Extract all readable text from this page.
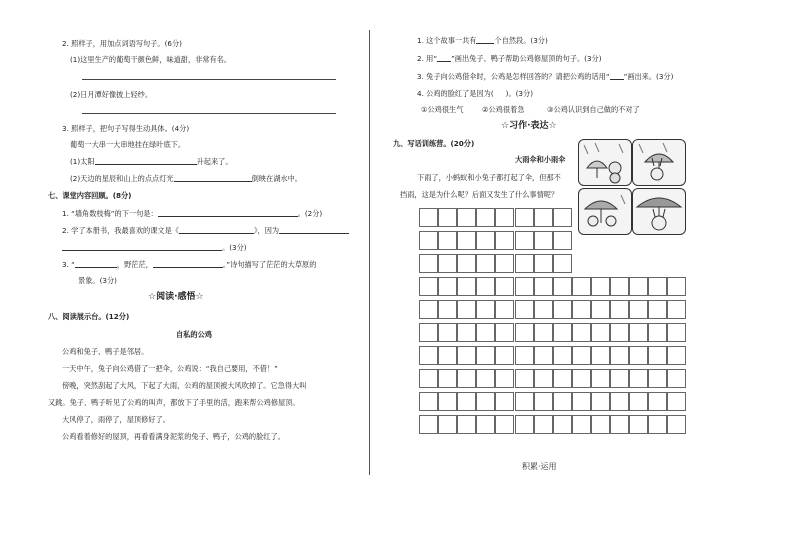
2. 照样子，用加点词语写句子。(6分)
(1)这里生产的葡萄干颜色鲜，味道甜，非常有名。
(2)日月潭好像披上轻纱。
3. 照样子，把句子写得生动具体。(4分)
葡萄一大串一大串地挂在绿叶底下。
(1)太阳	升起来了。
(2)天边的星辰和山上的点点灯光	倒映在湖水中。
七、课堂内容回顾。(8分)
1. “墙角数枝梅”的下一句是：	。(2分)
2. 学了本册书，我最喜欢的课文是《	》，因为
。(3分)
3. “	，野茫茫，	。”诗句描写了茫茫的大草原的
景象。(3分)
☆阅读·感悟☆
八、阅读展示台。(12分)
自私的公鸡
公鸡和兔子、鸭子是邻居。
一天中午，兔子向公鸡借了一把伞，公鸡说：“我自己要用，不借！”
傍晚，突然刮起了大风，下起了大雨，公鸡的屋顶被大风吹掉了。它急得大叫
又跳。兔子、鸭子听见了公鸡的叫声，都放下了手里的活，跑来帮公鸡修屋顶。
大风停了，雨停了，屋顶修好了。
公鸡看着修好的屋顶，再看看满身泥浆的兔子、鸭子，公鸡的脸红了。
1. 这个故事一共有	个自然段。(3分)
2. 用“ ”画出兔子、鸭子帮助公鸡修屋顶的句子。(3分)
3. 兔子向公鸡借伞时，公鸡是怎样回答的？请把公鸡的话用“ ”画出来。(3分)
4. 公鸡的脸红了是因为( )。(3分)
①公鸡很生气	②公鸡很着急	③公鸡认识到自己做的不对了
☆习作·表达☆
九、写话训练营。(20分)
大雨伞和小雨伞
下雨了，小蚂蚁和小兔子都打起了伞，但那不
挡雨，这是为什么呢？后面又发生了什么事情呢？
积累·运用
